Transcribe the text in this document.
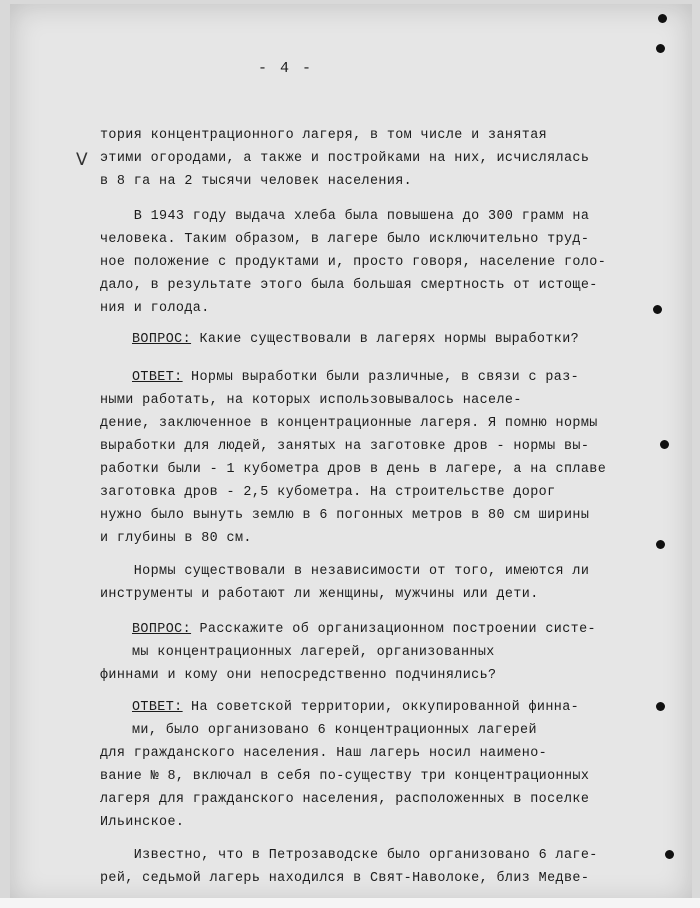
V
- 4 -
тория концентрационного лагеря, в том числе и занятая
этими огородами, а также и постройками на них, исчислялась
в 8 га на 2 тысячи человек населения.
В 1943 году выдача хлеба была повышена до 300 грамм на
человека. Таким образом, в лагере было исключительно труд-
ное положение с продуктами и, просто говоря, население голо-
дало, в результате этого была большая смертность от истоще-
ния и голода.
ВОПРОС: Какие существовали в лагерях нормы выработки?
ОТВЕТ: Нормы выработки были различные, в связи с раз-
ными работать, на которых использовывалось населе-
дение, заключенное в концентрационные лагеря. Я помню нормы
выработки для людей, занятых на заготовке дров - нормы вы-
работки были - 1 кубометра дров в день в лагере, а на сплаве
заготовка дров - 2,5 кубометра. На строительстве дорог
нужно было вынуть землю в 6 погонных метров в 80 см ширины
и глубины в 80 см.
Нормы существовали в независимости от того, имеются ли
инструменты и работают ли женщины, мужчины или дети.
ВОПРОС: Расскажите об организационном построении систе-
мы концентрационных лагерей, организованных
финнами и кому они непосредственно подчинялись?
ОТВЕТ: На советской территории, оккупированной финна-
ми, было организовано 6 концентрационных лагерей
для гражданского населения. Наш лагерь носил наимено-
вание № 8, включал в себя по-существу три концентрационных
лагеря для гражданского населения, расположенных в поселке
Ильинское.
Известно, что в Петрозаводске было организовано 6 лаге-
рей, седьмой лагерь находился в Свят-Наволоке, близ Медве-
